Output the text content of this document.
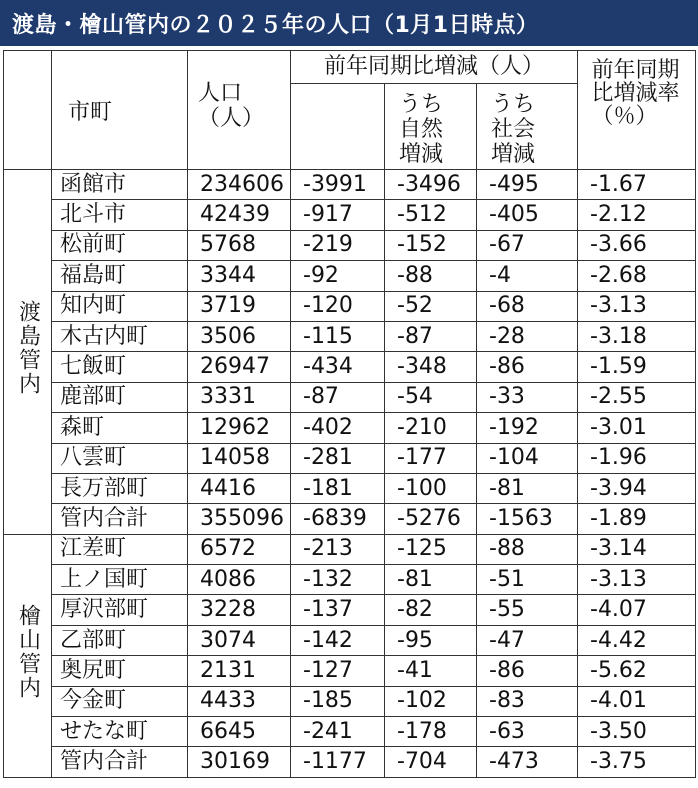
渡島・檜山管内の２０２５年の人口（1月1日時点）
	市町	人口（人）	前年同期比増減（人）			前年同期比増減率（％）

				うち自然増減	うち社会増減	

渡島管内	函館市	234606	-3991	-3496	-495	-1.67
	北斗市	42439	-917	-512	-405	-2.12
	松前町	5768	-219	-152	-67	-3.66
	福島町	3344	-92	-88	-4	-2.68
	知内町	3719	-120	-52	-68	-3.13
	木古内町	3506	-115	-87	-28	-3.18
	七飯町	26947	-434	-348	-86	-1.59
	鹿部町	3331	-87	-54	-33	-2.55
	森町	12962	-402	-210	-192	-3.01
	八雲町	14058	-281	-177	-104	-1.96
	長万部町	4416	-181	-100	-81	-3.94
	管内合計	355096	-6839	-5276	-1563	-1.89
檜山管内	江差町	6572	-213	-125	-88	-3.14
	上ノ国町	4086	-132	-81	-51	-3.13
	厚沢部町	3228	-137	-82	-55	-4.07
	乙部町	3074	-142	-95	-47	-4.42
	奥尻町	2131	-127	-41	-86	-5.62
	今金町	4433	-185	-102	-83	-4.01
	せたな町	6645	-241	-178	-63	-3.50
	管内合計	30169	-1177	-704	-473	-3.75
